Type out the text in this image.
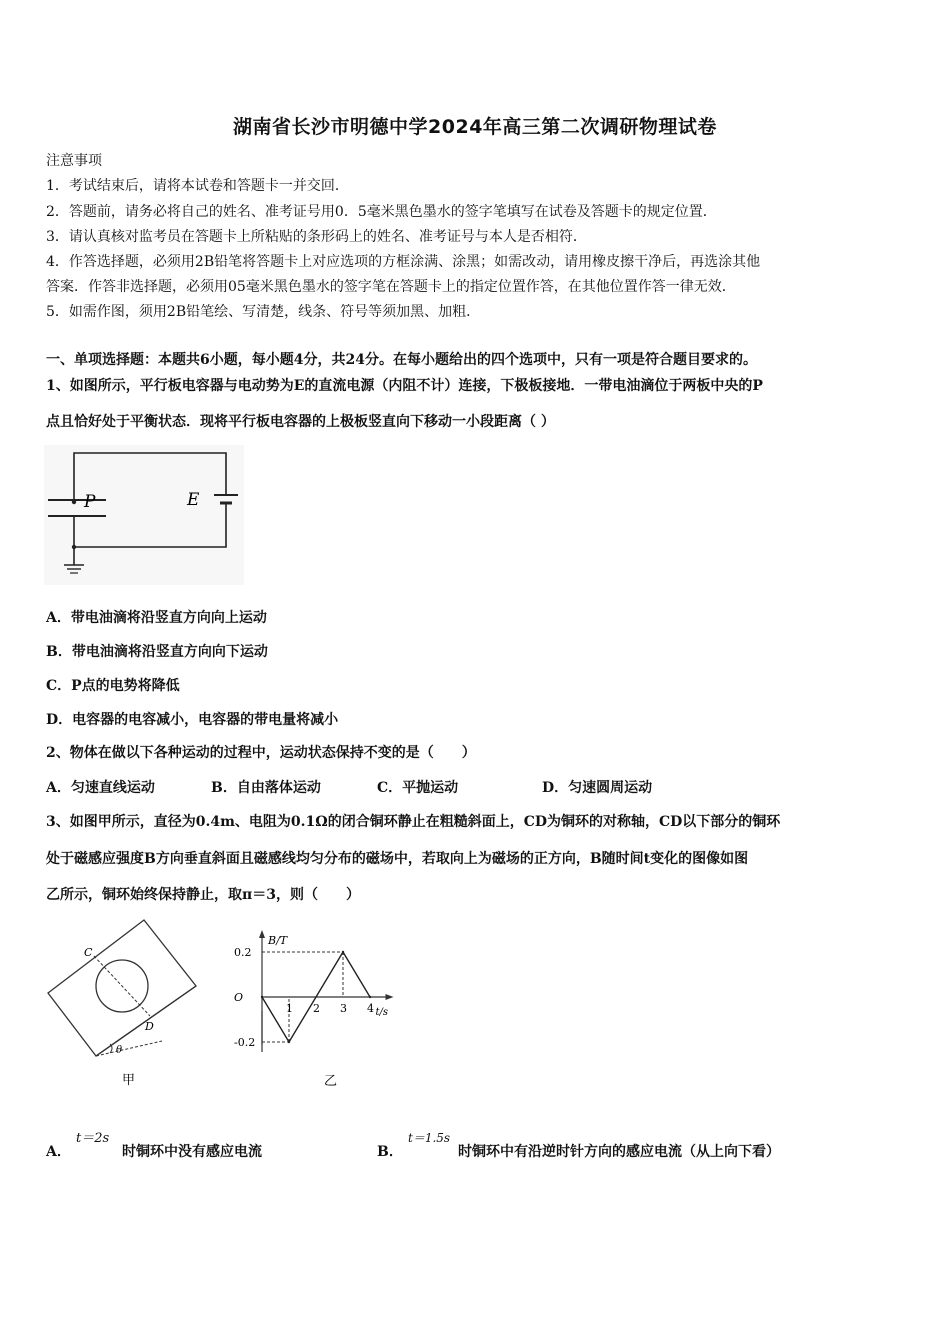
湖南省长沙市明德中学2024年高三第二次调研物理试卷
注意事项
1．考试结束后，请将本试卷和答题卡一并交回．
2．答题前，请务必将自己的姓名、准考证号用0．5毫米黑色墨水的签字笔填写在试卷及答题卡的规定位置．
3．请认真核对监考员在答题卡上所粘贴的条形码上的姓名、准考证号与本人是否相符．
4．作答选择题，必须用2B铅笔将答题卡上对应选项的方框涂满、涂黑；如需改动，请用橡皮擦干净后，再选涂其他
答案．作答非选择题，必须用05毫米黑色墨水的签字笔在答题卡上的指定位置作答，在其他位置作答一律无效．
5．如需作图，须用2B铅笔绘、写清楚，线条、符号等须加黑、加粗．
一、单项选择题：本题共6小题，每小题4分，共24分。在每小题给出的四个选项中，只有一项是符合题目要求的。
1、如图所示，平行板电容器与电动势为E的直流电源（内阻不计）连接，下极板接地．一带电油滴位于两板中央的P
点且恰好处于平衡状态．现将平行板电容器的上极板竖直向下移动一小段距离（ ）
P	E
A．带电油滴将沿竖直方向向上运动
B．带电油滴将沿竖直方向向下运动
C．P点的电势将降低
D．电容器的电容减小，电容器的带电量将减小
2、物体在做以下各种运动的过程中，运动状态保持不变的是（　　）
A．匀速直线运动	B．自由落体运动	C．平抛运动	D．匀速圆周运动
3、如图甲所示，直径为0.4m、电阻为0.1Ω的闭合铜环静止在粗糙斜面上，CD为铜环的对称轴，CD以下部分的铜环
处于磁感应强度B方向垂直斜面且磁感线均匀分布的磁场中，若取向上为磁场的正方向，B随时间t变化的图像如图
乙所示，铜环始终保持静止，取π＝3，则（　　）
C
D
θ
甲	乙
B/T
t/s
0.2
O
-0.2
1 2 3 4
A．
t＝2s
时铜环中没有感应电流	B．
t＝1.5s
时铜环中有沿逆时针方向的感应电流（从上向下看）
